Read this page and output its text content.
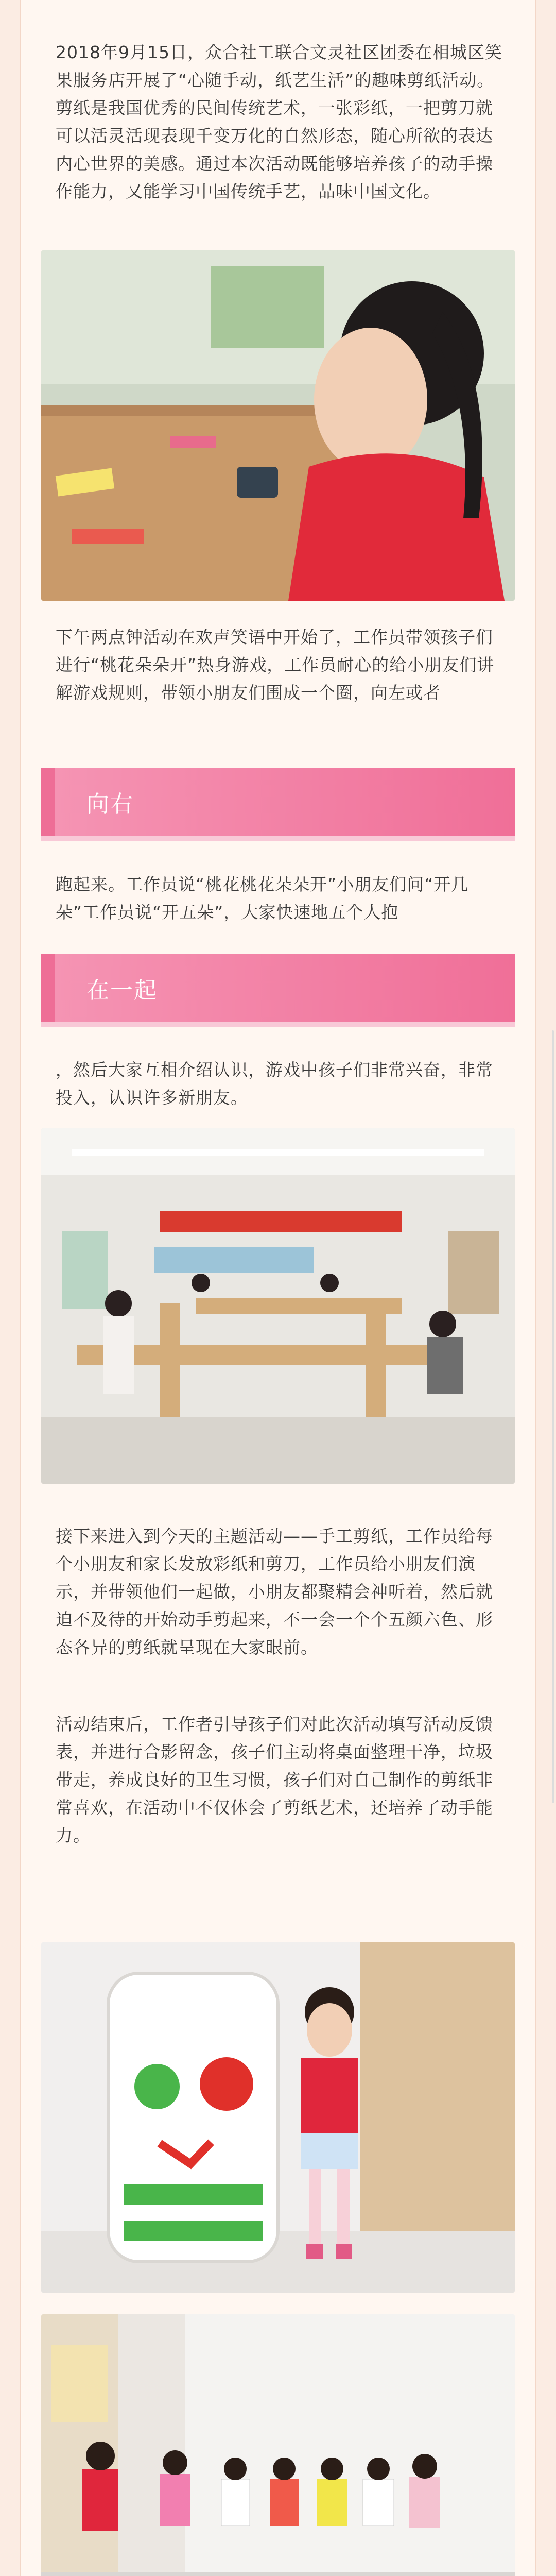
2018年9月15日，众合社工联合文灵社区团委在相城区笑果服务店开展了“心随手动，纸艺生活”的趣味剪纸活动。剪纸是我国优秀的民间传统艺术，一张彩纸，一把剪刀就可以活灵活现表现千变万化的自然形态，随心所欲的表达内心世界的美感。通过本次活动既能够培养孩子的动手操作能力，又能学习中国传统手艺，品味中国文化。

下午两点钟活动在欢声笑语中开始了，工作员带领孩子们进行“桃花朵朵开”热身游戏，工作员耐心的给小朋友们讲解游戏规则，带领小朋友们围成一个圈，向左或者

向右

跑起来。工作员说“桃花桃花朵朵开”小朋友们问“开几朵”工作员说“开五朵”，大家快速地五个人抱

在一起

，然后大家互相介绍认识，游戏中孩子们非常兴奋，非常投入，认识许多新朋友。

接下来进入到今天的主题活动——手工剪纸，工作员给每个小朋友和家长发放彩纸和剪刀，工作员给小朋友们演示，并带领他们一起做，小朋友都聚精会神听着，然后就迫不及待的开始动手剪起来，不一会一个个五颜六色、形态各异的剪纸就呈现在大家眼前。

活动结束后，工作者引导孩子们对此次活动填写活动反馈表，并进行合影留念，孩子们主动将桌面整理干净，垃圾带走，养成良好的卫生习惯，孩子们对自己制作的剪纸非常喜欢，在活动中不仅体会了剪纸艺术，还培养了动手能力。
